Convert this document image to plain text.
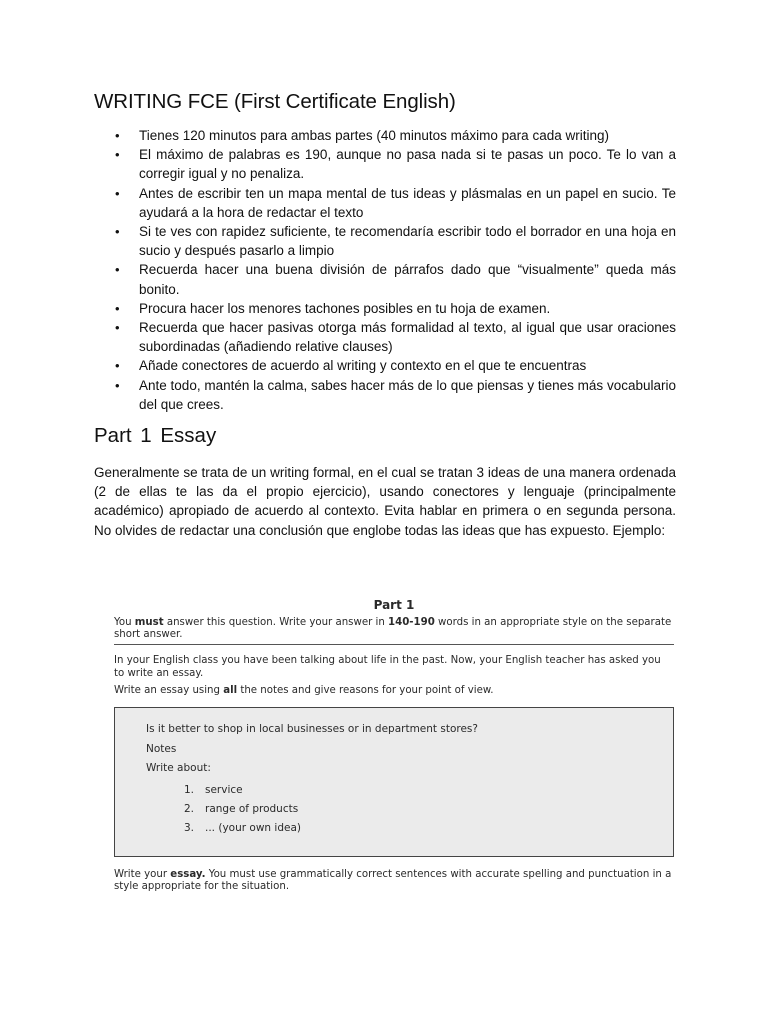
WRITING FCE (First Certificate English)
• Tienes 120 minutos para ambas partes (40 minutos máximo para cada writing)
• El máximo de palabras es 190, aunque no pasa nada si te pasas un poco. Te lo van a corregir igual y no penaliza.
• Antes de escribir ten un mapa mental de tus ideas y plásmalas en un papel en sucio. Te ayudará a la hora de redactar el texto
• Si te ves con rapidez suficiente, te recomendaría escribir todo el borrador en una hoja en sucio y después pasarlo a limpio
• Recuerda hacer una buena división de párrafos dado que “visualmente” queda más bonito.
• Procura hacer los menores tachones posibles en tu hoja de examen.
• Recuerda que hacer pasivas otorga más formalidad al texto, al igual que usar oraciones subordinadas (añadiendo relative clauses)
• Añade conectores de acuerdo al writing y contexto en el que te encuentras
• Ante todo, mantén la calma, sabes hacer más de lo que piensas y tienes más vocabulario del que crees.
Part 1 Essay

Generalmente se trata de un writing formal, en el cual se tratan 3 ideas de una manera ordenada (2 de ellas te las da el propio ejercicio), usando conectores y lenguaje (principalmente académico) apropiado de acuerdo al contexto. Evita hablar en primera o en segunda persona. No olvides de redactar una conclusión que englobe todas las ideas que has expuesto. Ejemplo:

Part 1

You must answer this question. Write your answer in 140-190 words in an appropriate style on the separate short answer.

In your English class you have been talking about life in the past. Now, your English teacher has asked you to write an essay.

Write an essay using all the notes and give reasons for your point of view.

Is it better to shop in local businesses or in department stores?
Notes
Write about:
1. service
2. range of products
3. ... (your own idea)

Write your essay. You must use grammatically correct sentences with accurate spelling and punctuation in a style appropriate for the situation.
